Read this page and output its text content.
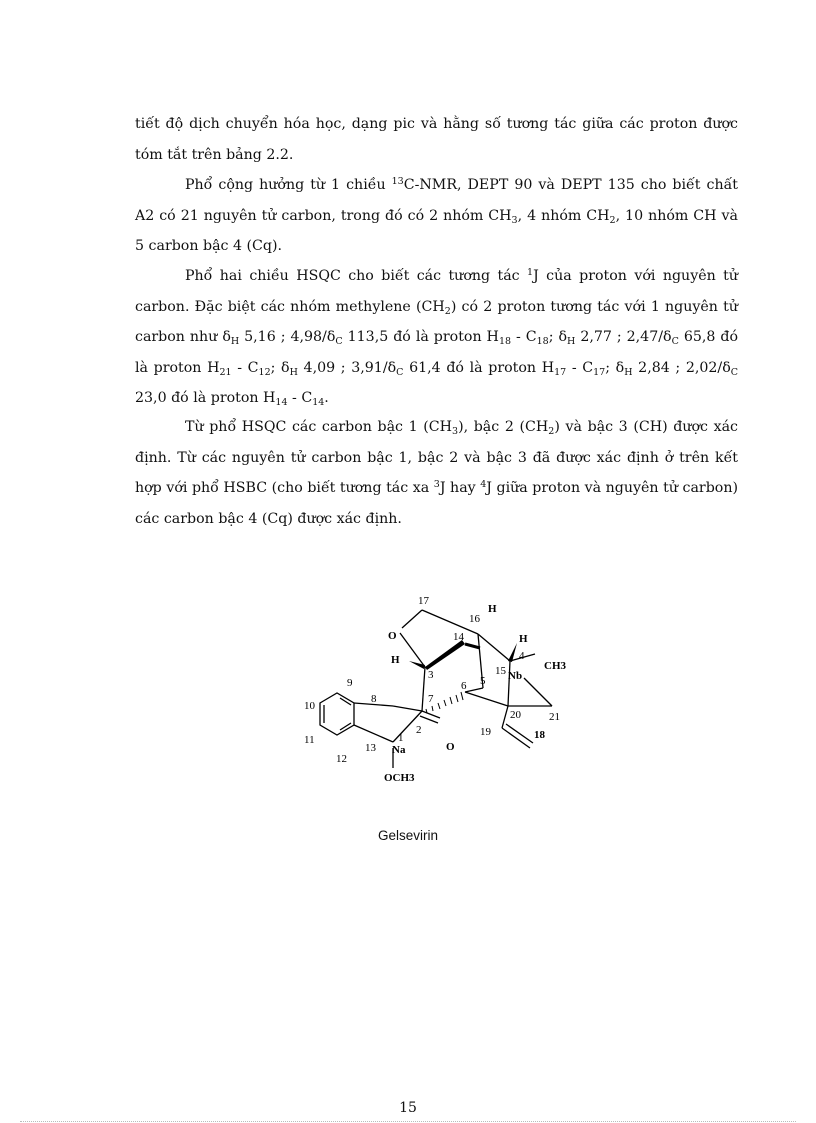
tiết độ dịch chuyển hóa học, dạng pic và hằng số tương tác giữa các proton được tóm tắt trên bảng 2.2.

Phổ cộng hưởng từ 1 chiều $^{13}$C-NMR, DEPT 90 và DEPT 135 cho biết chất A2 có 21 nguyên tử carbon, trong đó có 2 nhóm $CH_3$, 4 nhóm $CH_2$, 10 nhóm CH và 5 carbon bậc 4 (Cq).

Phổ hai chiều HSQC cho biết các tương tác $^1$J của proton với nguyên tử carbon. Đặc biệt các nhóm methylene $(CH_2)$ có 2 proton tương tác với 1 nguyên tử carbon như $\delta_H$ 5,16 ; $4,98/\delta_C$ 113,5 đó là proton $H_{18} - C_{18}$; $\delta_H$ 2,77 ; $2,47/\delta_C$ 65,8 đó là proton $H_{21} - C_{12}$; $\delta_H$ 4,09 ; $3,91/\delta_C$ 61,4 đó là proton $H_{17} - C_{17}$; $\delta_H$ 2,84 ; $2,02/\delta_C$ 23,0 đó là proton $H_{14} - C_{14}$.

Từ phổ HSQC các carbon bậc 1 $(CH_3)$, bậc 2 $(CH_2)$ và bậc 3 (CH) được xác định. Từ các nguyên tử carbon bậc 1, bậc 2 và bậc 3 đã được xác định ở trên kết hợp với phổ HSBC (cho biết tương tác xa $^3$J hay $^4$J giữa proton và nguyên tử carbon) các carbon bậc 4 (Cq) được xác định.

17
16
H
O	14	H
4
H
3
CH3
15 Nb
9	6 5
8	7
10
20	21
2	19	18
11	1
Na	O
13
12
OCH3
Gelsevirin
15
